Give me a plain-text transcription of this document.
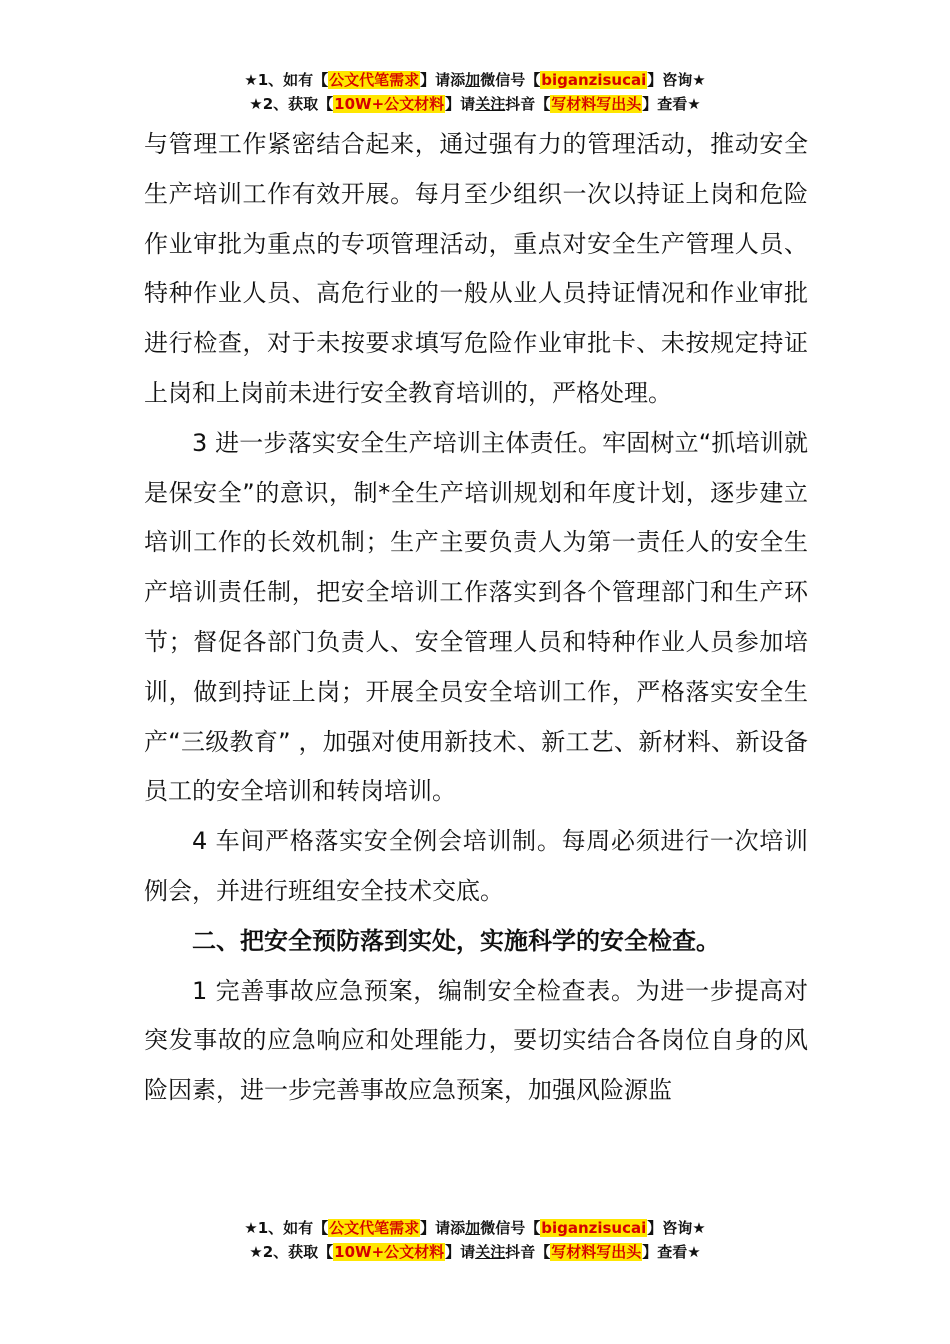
★1、如有【公文代笔需求】请添加微信号【biganzisucai】咨询★
★2、获取【10W+公文材料】请关注抖音【写材料写出头】查看★

与管理工作紧密结合起来，通过强有力的管理活动，推动安全生产培训工作有效开展。每月至少组织一次以持证上岗和危险作业审批为重点的专项管理活动，重点对安全生产管理人员、特种作业人员、高危行业的一般从业人员持证情况和作业审批进行检查，对于未按要求填写危险作业审批卡、未按规定持证上岗和上岗前未进行安全教育培训的，严格处理。

3 进一步落实安全生产培训主体责任。牢固树立“抓培训就是保安全”的意识，制*全生产培训规划和年度计划，逐步建立培训工作的长效机制；生产主要负责人为第一责任人的安全生产培训责任制，把安全培训工作落实到各个管理部门和生产环节；督促各部门负责人、安全管理人员和特种作业人员参加培训，做到持证上岗；开展全员安全培训工作，严格落实安全生产“三级教育” ，加强对使用新技术、新工艺、新材料、新设备员工的安全培训和转岗培训。

4 车间严格落实安全例会培训制。每周必须进行一次培训例会，并进行班组安全技术交底。

二、把安全预防落到实处，实施科学的安全检查。

1 完善事故应急预案，编制安全检查表。为进一步提高对突发事故的应急响应和处理能力，要切实结合各岗位自身的风险因素，进一步完善事故应急预案，加强风险源监

★1、如有【公文代笔需求】请添加微信号【biganzisucai】咨询★
★2、获取【10W+公文材料】请关注抖音【写材料写出头】查看★
